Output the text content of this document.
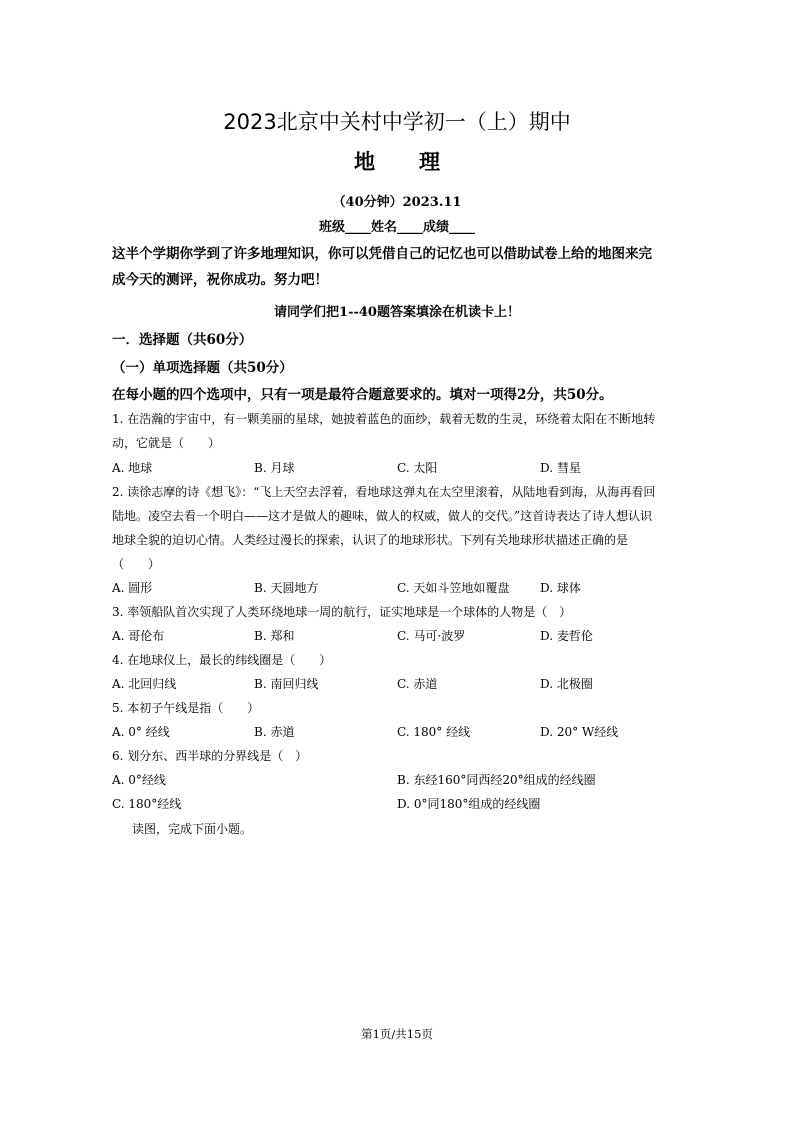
2023北京中关村中学初一（上）期中
地 理
（40分钟）2023.11
班级____姓名____成绩____
这半个学期你学到了许多地理知识，你可以凭借自己的记忆也可以借助试卷上给的地图来完
成今天的测评，祝你成功。努力吧！
请同学们把1--40题答案填涂在机读卡上！
一．选择题（共60分）
（一）单项选择题（共50分）
在每小题的四个选项中，只有一项是最符合题意要求的。填对一项得2分，共50分。
1. 在浩瀚的宇宙中，有一颗美丽的星球，她披着蓝色的面纱，载着无数的生灵，环绕着太阳在不断地转
动，它就是（　　）
A. 地球	B. 月球	C. 太阳	D. 彗星
2. 读徐志摩的诗《想飞》：“飞上天空去浮着，看地球这弹丸在太空里滚着，从陆地看到海，从海再看回
陆地。凌空去看一个明白——这才是做人的趣味，做人的权威，做人的交代。”这首诗表达了诗人想认识
地球全貌的迫切心情。人类经过漫长的探索，认识了的地球形状。下列有关地球形状描述正确的是
（　　）
A. 圆形	B. 天圆地方	C. 天如斗笠地如覆盘	D. 球体
3. 率领船队首次实现了人类环绕地球一周的航行，证实地球是一个球体的人物是（　）
A. 哥伦布	B. 郑和	C. 马可·波罗	D. 麦哲伦
4. 在地球仪上，最长的纬线圈是（　　）
A. 北回归线	B. 南回归线	C. 赤道	D. 北极圈
5. 本初子午线是指（　　）
A. 0° 经线	B. 赤道	C. 180° 经线	D. 20° W经线
6. 划分东、西半球的分界线是（　）
A. 0°经线	B. 东经160°同西经20°组成的经线圈
C. 180°经线	D. 0°同180°组成的经线圈
读图，完成下面小题。
第1页/共15页
